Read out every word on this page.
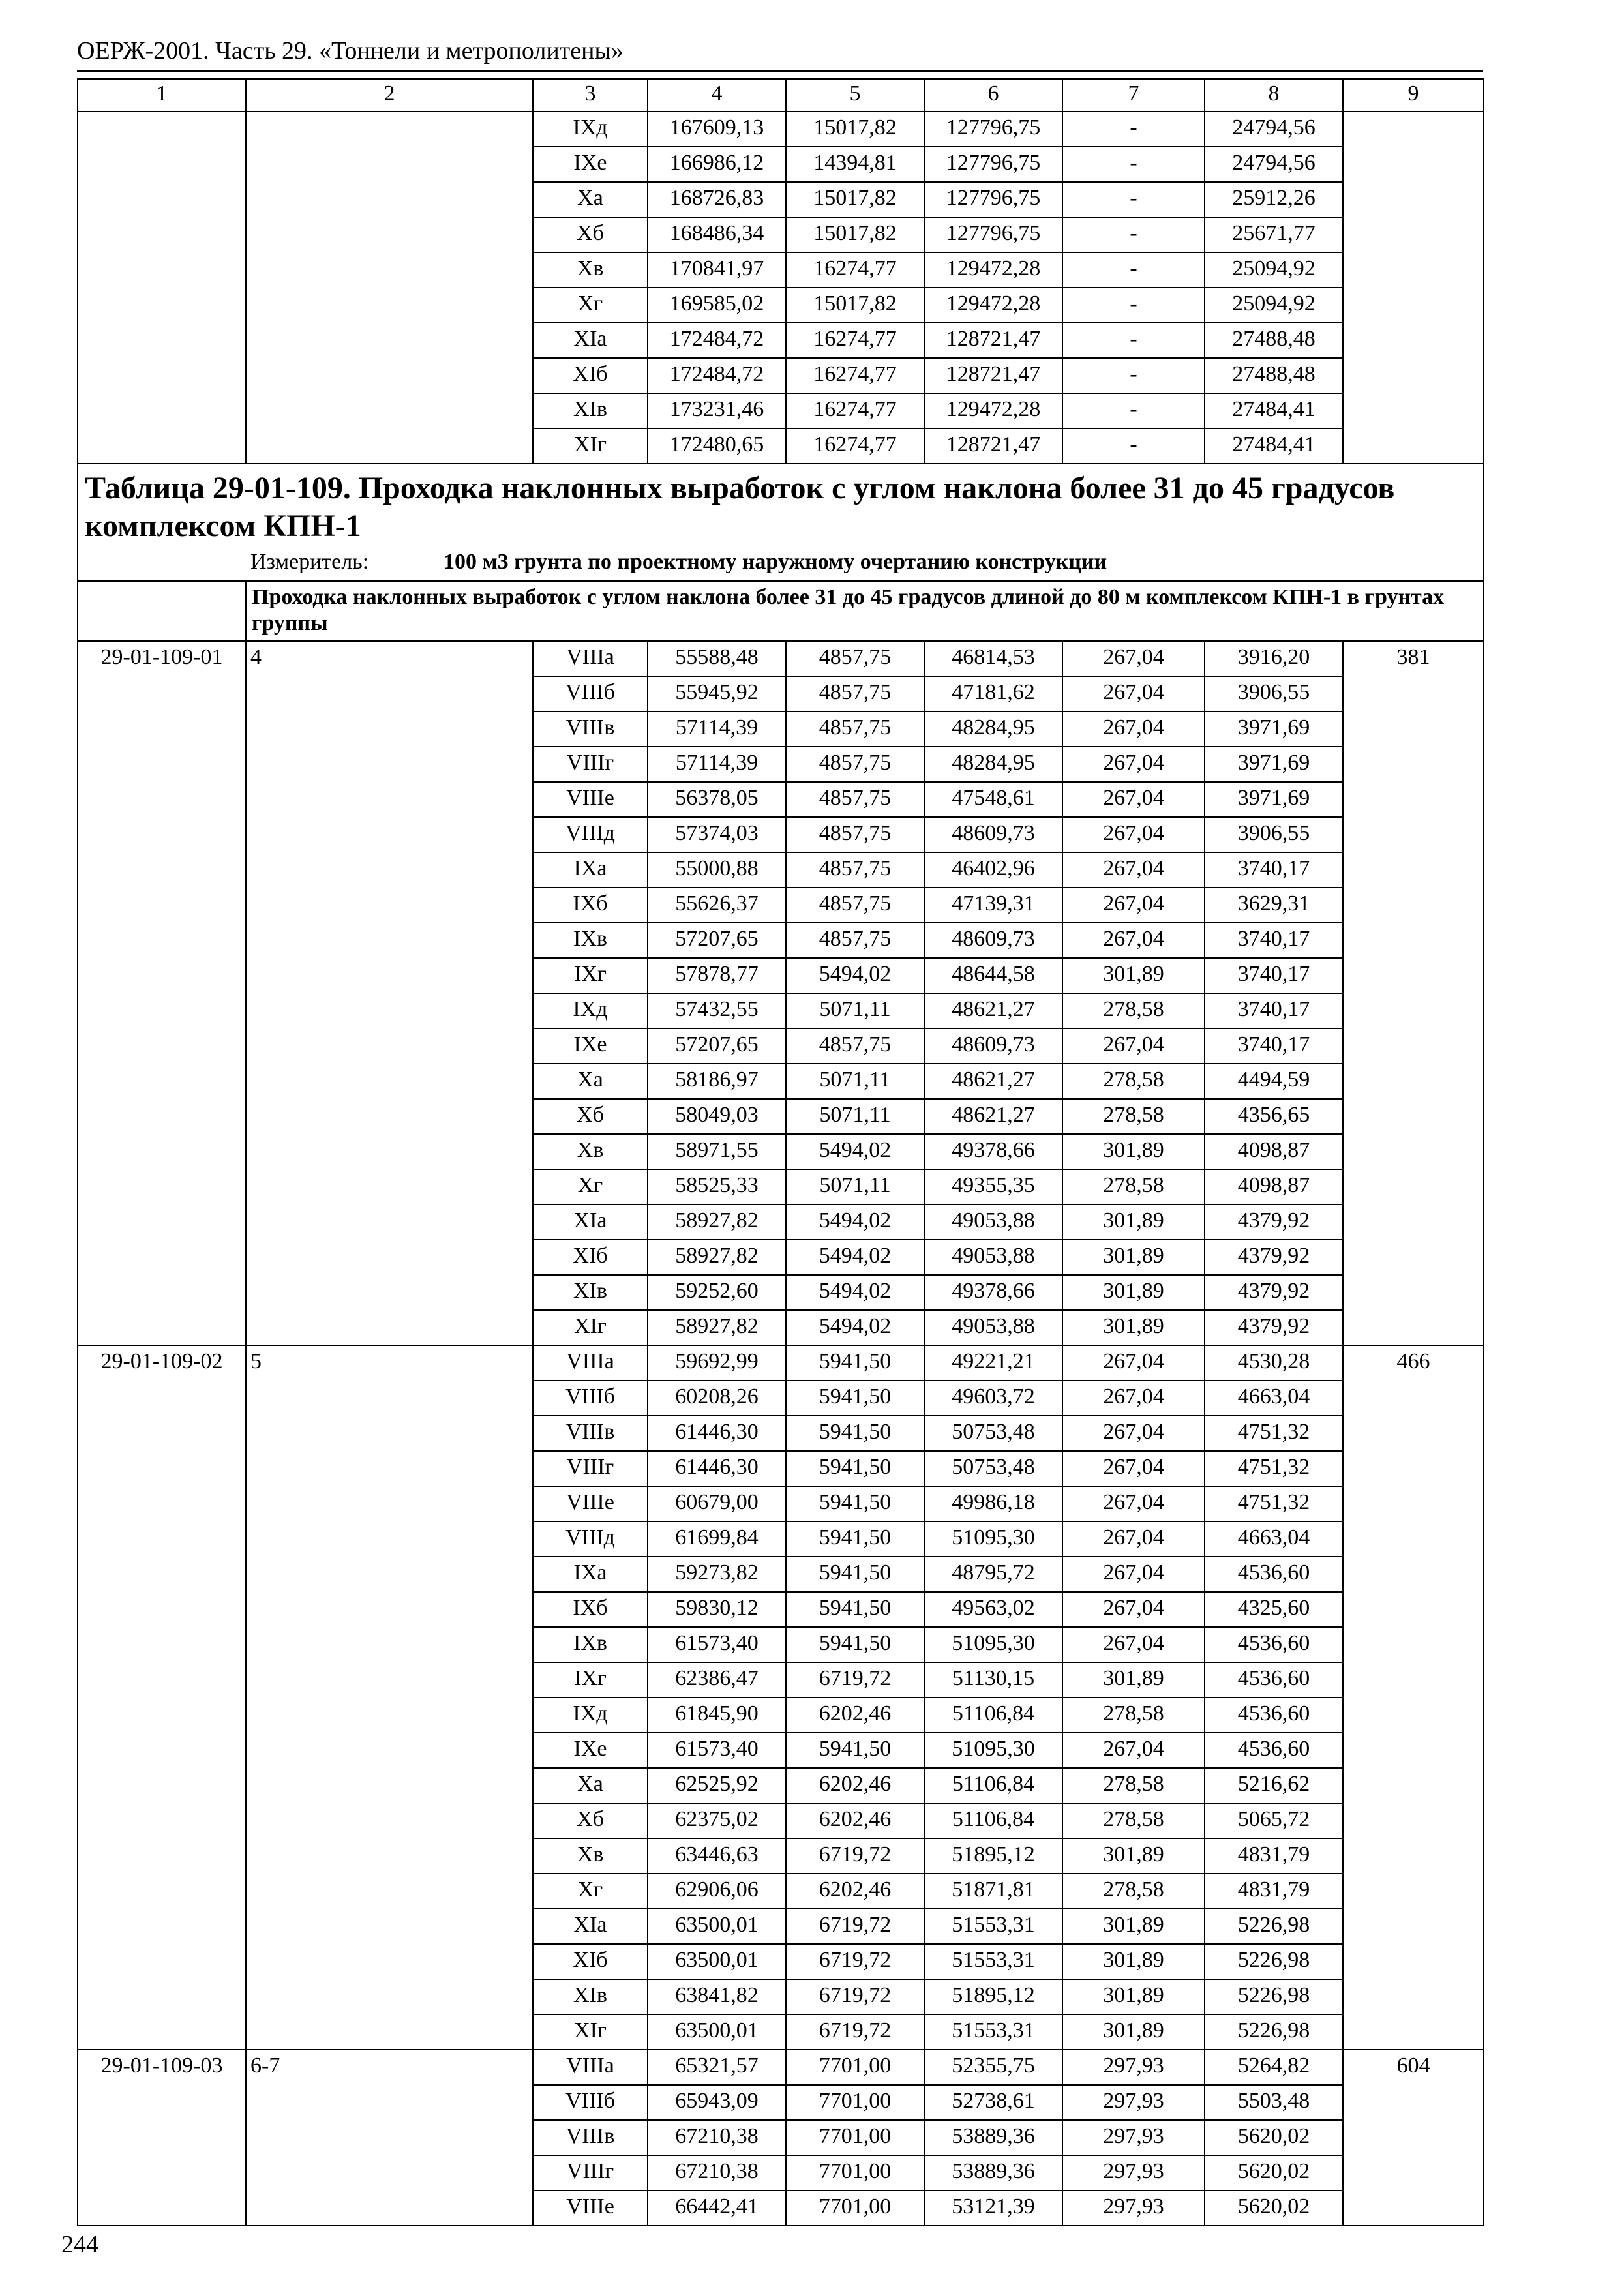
ОЕРЖ-2001. Часть 29. «Тоннели и метрополитены»
1	2	3	4	5	6	7	8	9
		IXд	167609,13	15017,82	127796,75	-	24794,56	
		IXе	166986,12	14394,81	127796,75	-	24794,56	
		Xа	168726,83	15017,82	127796,75	-	25912,26	
		Xб	168486,34	15017,82	127796,75	-	25671,77	
		Xв	170841,97	16274,77	129472,28	-	25094,92	
		Xг	169585,02	15017,82	129472,28	-	25094,92	
		XIа	172484,72	16274,77	128721,47	-	27488,48	
		XIб	172484,72	16274,77	128721,47	-	27488,48	
		XIв	173231,46	16274,77	129472,28	-	27484,41	
		XIг	172480,65	16274,77	128721,47	-	27484,41	
Таблица 29-01-109. Проходка наклонных выработок с углом наклона более 31 до 45 градусов комплексом КПН-1								
Измеритель: 100 м3 грунта по проектному наружному очертанию конструкции								
	Проходка наклонных выработок с углом наклона более 31 до 45 градусов длиной до 80 м комплексом КПН-1 в грунтах группы							
29-01-109-01	4	VIIIа	55588,48	4857,75	46814,53	267,04	3916,20	381
		VIIIб	55945,92	4857,75	47181,62	267,04	3906,55	
		VIIIв	57114,39	4857,75	48284,95	267,04	3971,69	
		VIIIг	57114,39	4857,75	48284,95	267,04	3971,69	
		VIIIе	56378,05	4857,75	47548,61	267,04	3971,69	
		VIIIд	57374,03	4857,75	48609,73	267,04	3906,55	
		IXа	55000,88	4857,75	46402,96	267,04	3740,17	
		IXб	55626,37	4857,75	47139,31	267,04	3629,31	
		IXв	57207,65	4857,75	48609,73	267,04	3740,17	
		IXг	57878,77	5494,02	48644,58	301,89	3740,17	
		IXд	57432,55	5071,11	48621,27	278,58	3740,17	
		IXе	57207,65	4857,75	48609,73	267,04	3740,17	
		Xа	58186,97	5071,11	48621,27	278,58	4494,59	
		Xб	58049,03	5071,11	48621,27	278,58	4356,65	
		Xв	58971,55	5494,02	49378,66	301,89	4098,87	
		Xг	58525,33	5071,11	49355,35	278,58	4098,87	
		XIа	58927,82	5494,02	49053,88	301,89	4379,92	
		XIб	58927,82	5494,02	49053,88	301,89	4379,92	
		XIв	59252,60	5494,02	49378,66	301,89	4379,92	
		XIг	58927,82	5494,02	49053,88	301,89	4379,92	
29-01-109-02	5	VIIIа	59692,99	5941,50	49221,21	267,04	4530,28	466
		VIIIб	60208,26	5941,50	49603,72	267,04	4663,04	
		VIIIв	61446,30	5941,50	50753,48	267,04	4751,32	
		VIIIг	61446,30	5941,50	50753,48	267,04	4751,32	
		VIIIе	60679,00	5941,50	49986,18	267,04	4751,32	
		VIIIд	61699,84	5941,50	51095,30	267,04	4663,04	
		IXа	59273,82	5941,50	48795,72	267,04	4536,60	
		IXб	59830,12	5941,50	49563,02	267,04	4325,60	
		IXв	61573,40	5941,50	51095,30	267,04	4536,60	
		IXг	62386,47	6719,72	51130,15	301,89	4536,60	
		IXд	61845,90	6202,46	51106,84	278,58	4536,60	
		IXе	61573,40	5941,50	51095,30	267,04	4536,60	
		Xа	62525,92	6202,46	51106,84	278,58	5216,62	
		Xб	62375,02	6202,46	51106,84	278,58	5065,72	
		Xв	63446,63	6719,72	51895,12	301,89	4831,79	
		Xг	62906,06	6202,46	51871,81	278,58	4831,79	
		XIа	63500,01	6719,72	51553,31	301,89	5226,98	
		XIб	63500,01	6719,72	51553,31	301,89	5226,98	
		XIв	63841,82	6719,72	51895,12	301,89	5226,98	
		XIг	63500,01	6719,72	51553,31	301,89	5226,98	
29-01-109-03	6-7	VIIIа	65321,57	7701,00	52355,75	297,93	5264,82	604
		VIIIб	65943,09	7701,00	52738,61	297,93	5503,48	
		VIIIв	67210,38	7701,00	53889,36	297,93	5620,02	
		VIIIг	67210,38	7701,00	53889,36	297,93	5620,02	
		VIIIе	66442,41	7701,00	53121,39	297,93	5620,02	
244
